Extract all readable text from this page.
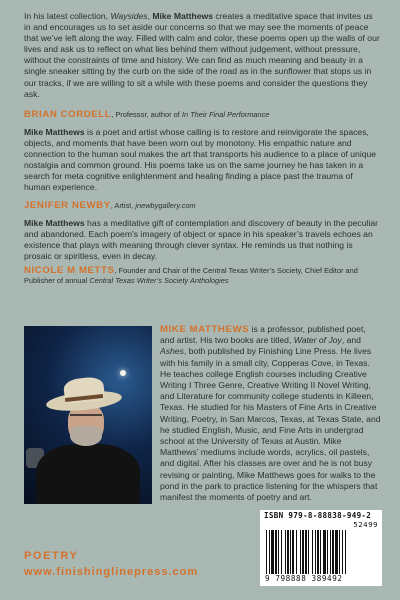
In his latest collection, Waysides, Mike Matthews creates a meditative space that invites us in and encourages us to set aside our concerns so that we may see the moments of peace that we’ve left along the way. Filled with calm and color, these poems open up the walls of our lives and ask us to reflect on what lies behind them without judgement, without pressure, without the constraints of time and history. We can find as much meaning and beauty in a single sneaker sitting by the curb on the side of the road as in the sunflower that stops us in our tracks, if we are willing to sit a while with these poems and consider the questions they ask.

BRIAN CORDELL, Professor, author of In Their Final Performance

Mike Matthews is a poet and artist whose calling is to restore and reinvigorate the spaces, objects, and moments that have been worn out by monotony. His empathic nature and connection to the human soul makes the art that transports his audience to a place of unique nostalgia and common ground. His poems take us on the same journey he has taken in a search for meta cognitive enlightenment and healing finding a place past the trauma of human experience.

JENIFER NEWBY, Artist, jnewbygallery.com

Mike Matthews has a meditative gift of contemplation and discovery of beauty in the peculiar and abandoned. Each poem’s imagery of object or space in his speaker’s travels echoes an existence that plays with meaning through clever syntax. He reminds us that nothing is prosaic or spiritless, even in decay.

NICOLE M METTS, Founder and Chair of the Central Texas Writer’s Society, Chief Editor and Publisher of annual Central Texas Writer’s Society Anthologies

MIKE MATTHEWS is a professor, published poet, and artist. His two books are titled, Water of Joy, and Ashes, both published by Finishing Line Press. He lives with his family in a small city, Copperas Cove, in Texas. He teaches college English courses including Creative Writing I Three Genre, Creative Writing II Novel Writing, and Literature for community college students in Killeen, Texas. He studied for his Masters of Fine Arts in Creative Writing, Poetry, in San Marcos, Texas, at Texas State, and he studied English, Music, and Fine Arts in undergrad school at the University of Texas at Austin. Mike Matthews’ mediums include words, acrylics, oil pastels, and digital. After his classes are over and he is not busy revising or painting, Mike Matthews goes for walks to the pond in the park to practice listening for the whispers that manifest the moments of poetry and art.

ISBN 979-8-88838-949-2
52499
9 798888 389492

POETRY

www.finishinglinepress.com
